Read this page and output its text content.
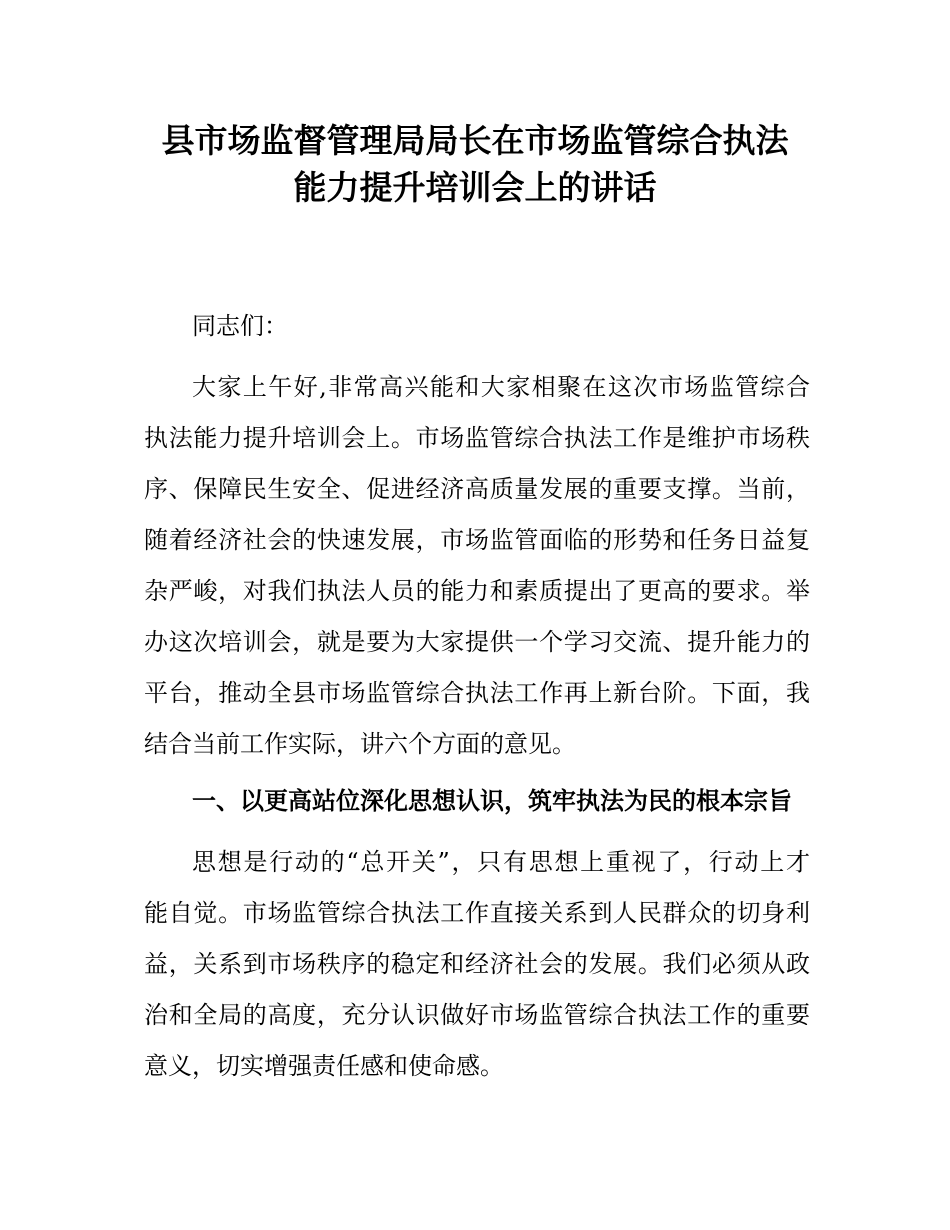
县市场监督管理局局长在市场监管综合执法
能力提升培训会上的讲话
同志们：
大家上午好,非常高兴能和大家相聚在这次市场监管综合
执法能力提升培训会上。市场监管综合执法工作是维护市场秩
序、保障民生安全、促进经济高质量发展的重要支撑。当前，
随着经济社会的快速发展，市场监管面临的形势和任务日益复
杂严峻，对我们执法人员的能力和素质提出了更高的要求。举
办这次培训会，就是要为大家提供一个学习交流、提升能力的
平台，推动全县市场监管综合执法工作再上新台阶。下面，我
结合当前工作实际，讲六个方面的意见。
一、以更高站位深化思想认识，筑牢执法为民的根本宗旨
思想是行动的“总开关”，只有思想上重视了，行动上才
能自觉。市场监管综合执法工作直接关系到人民群众的切身利
益，关系到市场秩序的稳定和经济社会的发展。我们必须从政
治和全局的高度，充分认识做好市场监管综合执法工作的重要
意义，切实增强责任感和使命感。
